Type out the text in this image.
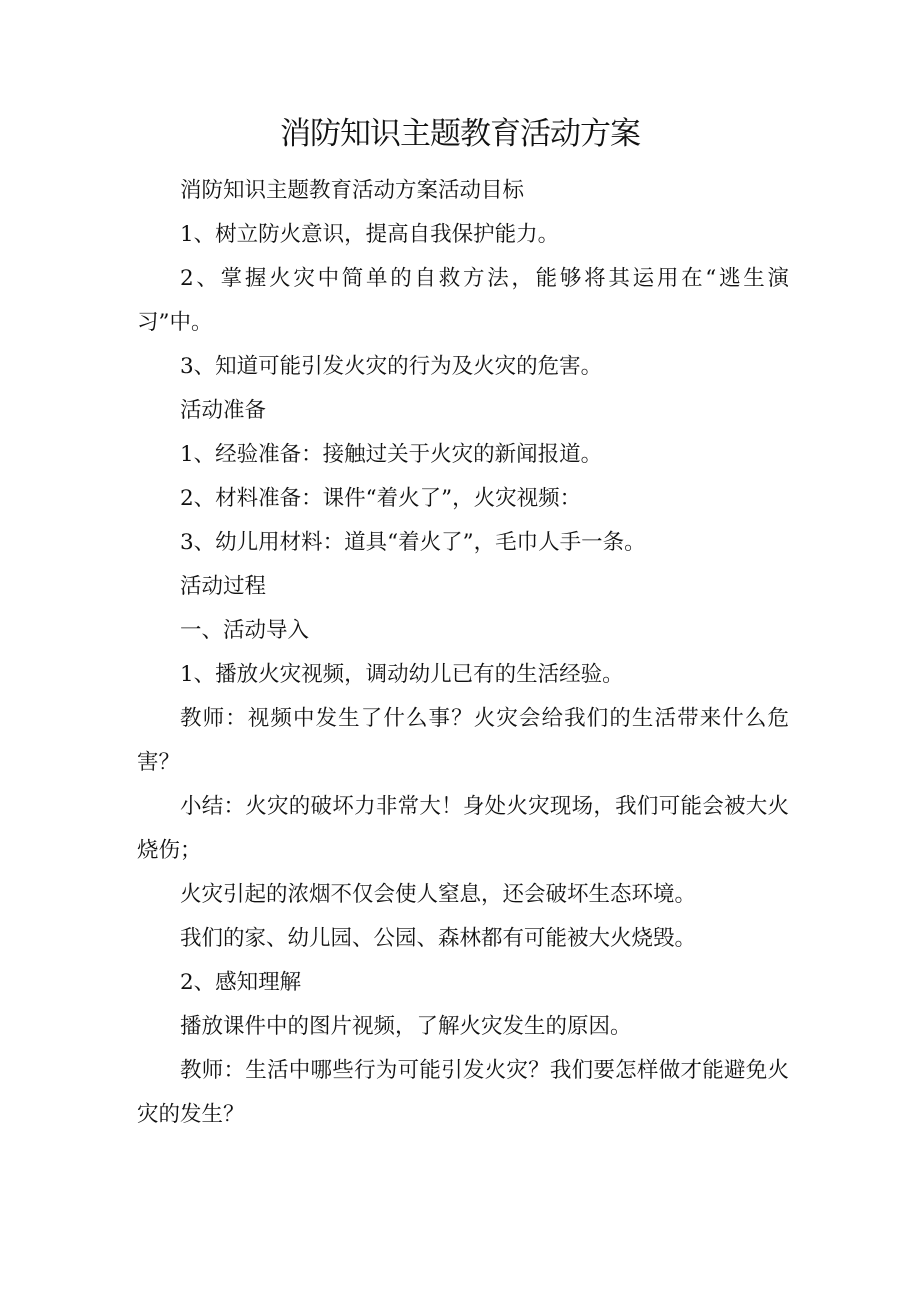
消防知识主题教育活动方案

消防知识主题教育活动方案活动目标

1、树立防火意识，提高自我保护能力。

2、掌握火灾中简单的自救方法，能够将其运用在“逃生演习”中。

3、知道可能引发火灾的行为及火灾的危害。

活动准备

1、经验准备：接触过关于火灾的新闻报道。

2、材料准备：课件“着火了”，火灾视频：

3、幼儿用材料：道具“着火了”，毛巾人手一条。

活动过程

一、活动导入

1、播放火灾视频，调动幼儿已有的生活经验。

教师：视频中发生了什么事？火灾会给我们的生活带来什么危害？

小结：火灾的破坏力非常大！身处火灾现场，我们可能会被大火烧伤；

火灾引起的浓烟不仅会使人窒息，还会破坏生态环境。

我们的家、幼儿园、公园、森林都有可能被大火烧毁。

2、感知理解

播放课件中的图片视频，了解火灾发生的原因。

教师：生活中哪些行为可能引发火灾？我们要怎样做才能避免火灾的发生？
